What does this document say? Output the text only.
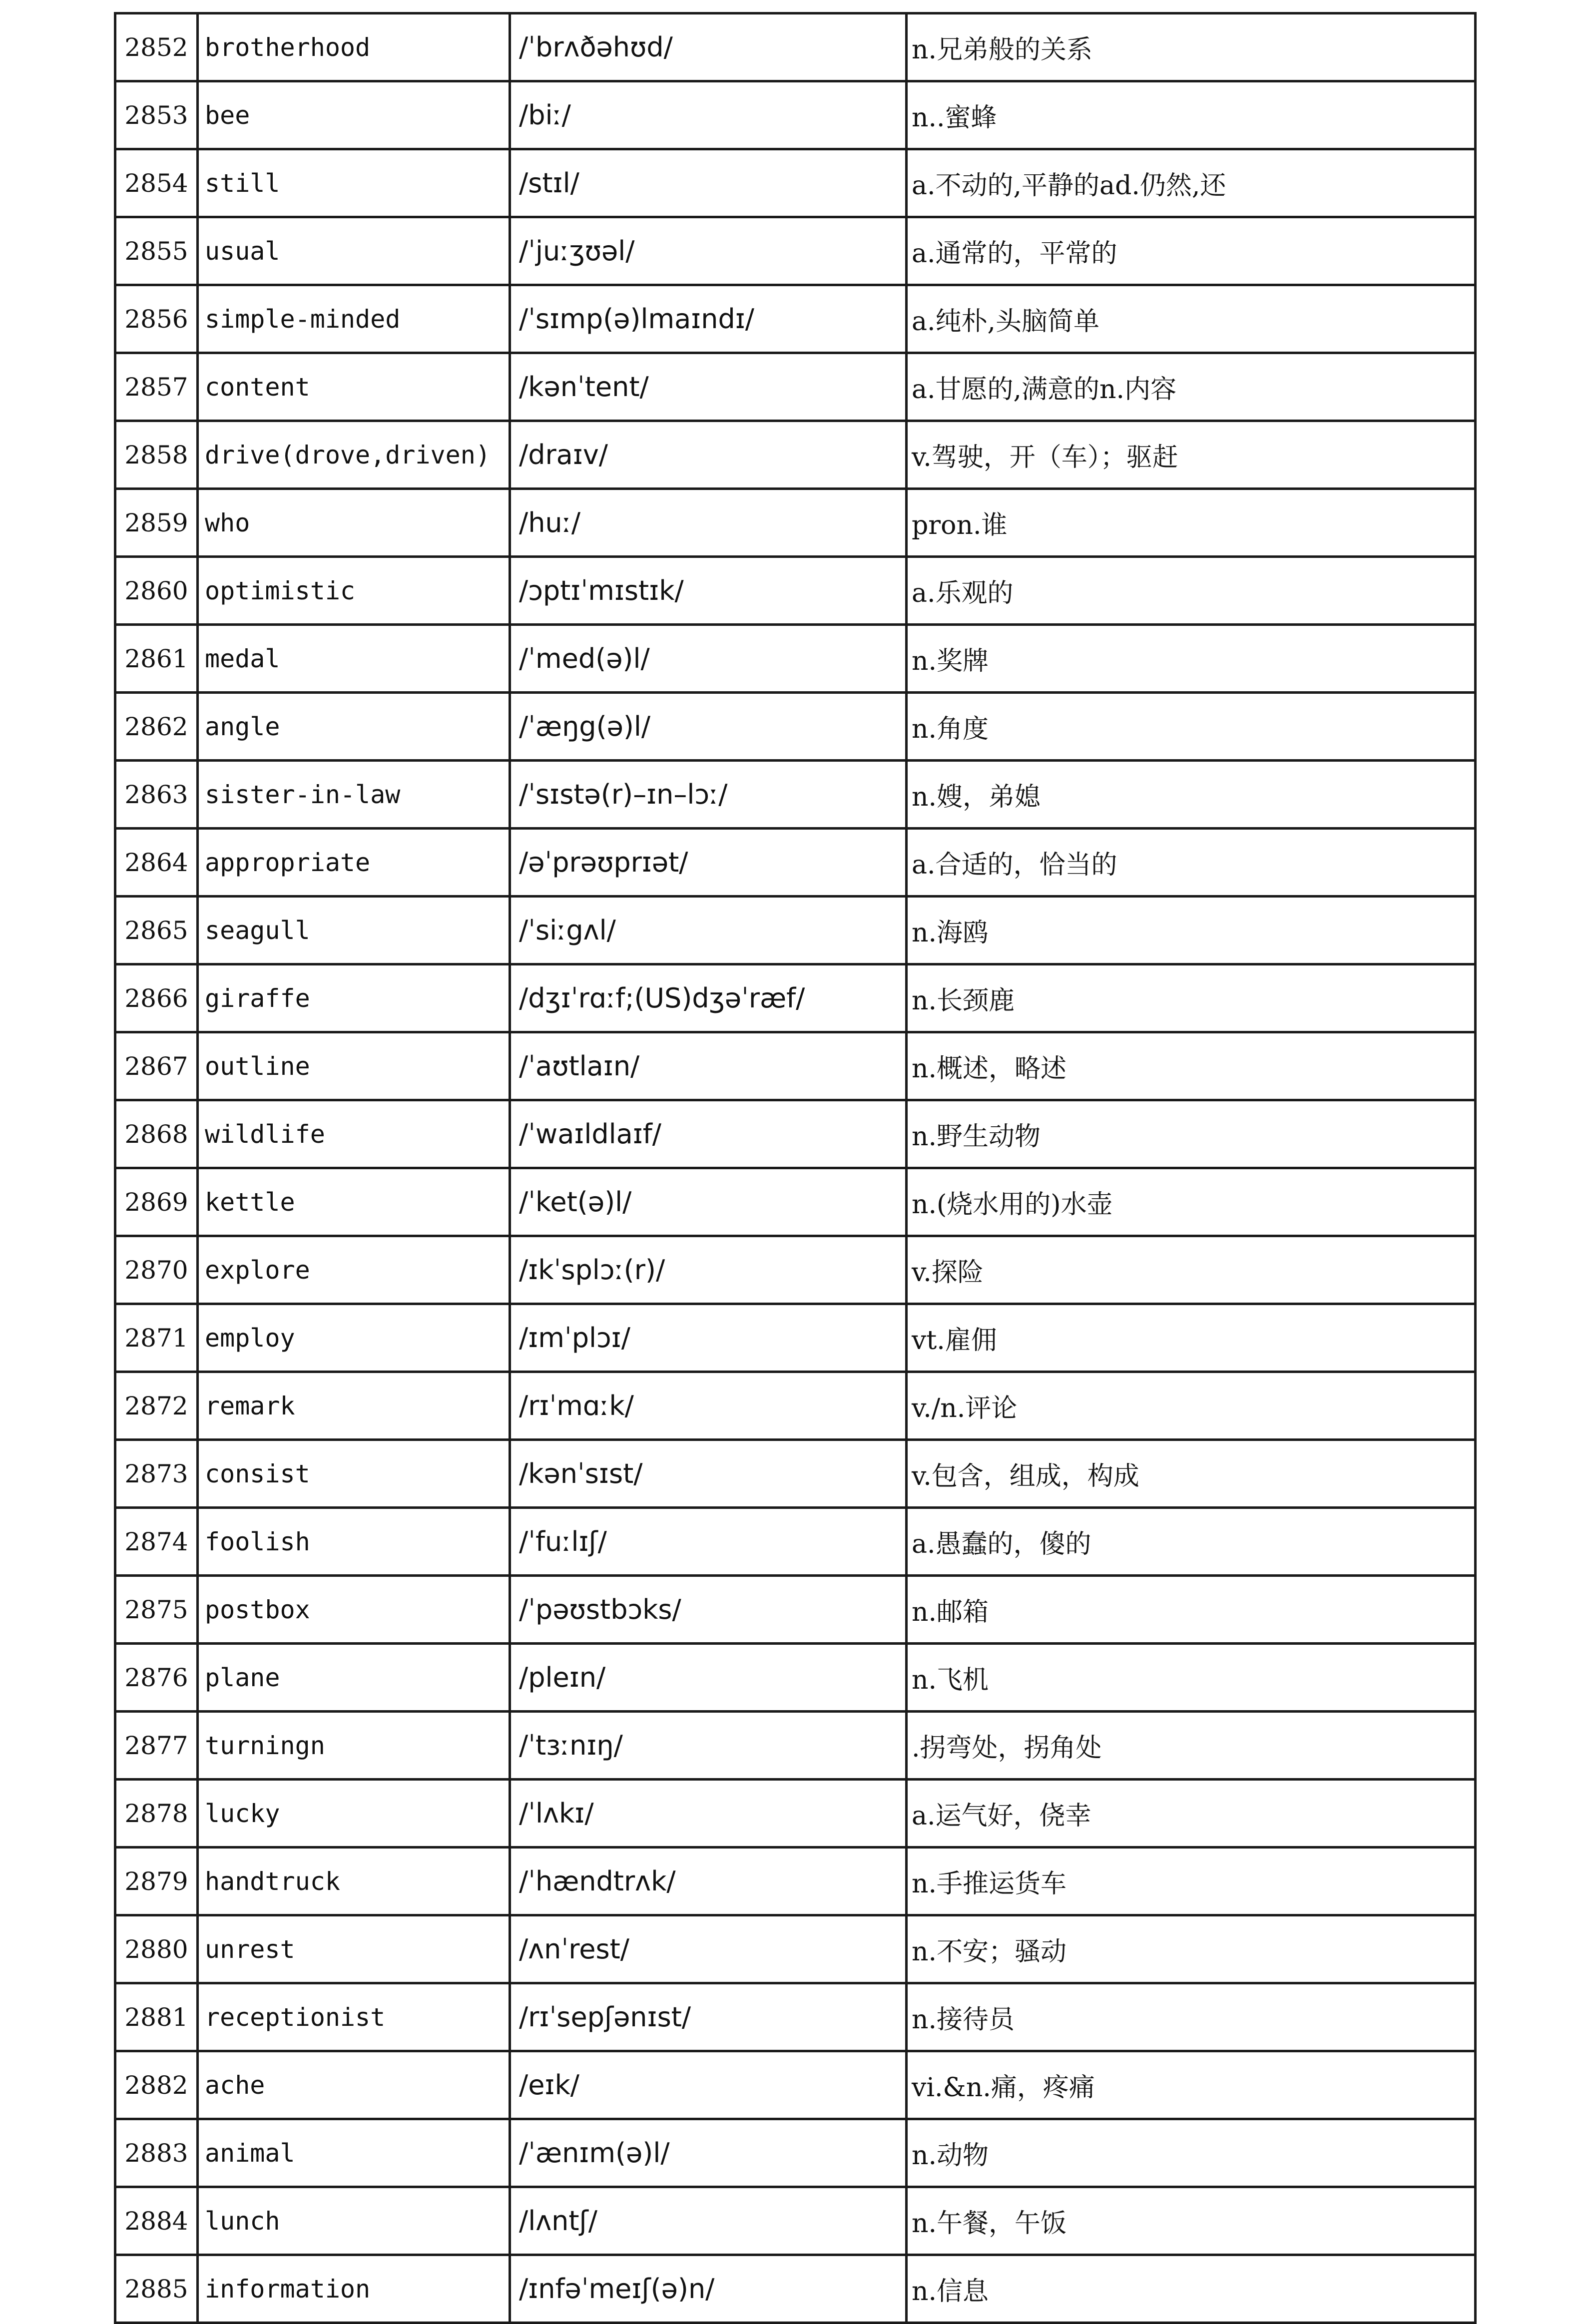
2852	brotherhood	/ˈbrʌðəhʊd/	n.兄弟般的关系
2853	bee	/biː/	n..蜜蜂
2854	still	/stɪl/	a.不动的,平静的ad.仍然,还
2855	usual	/ˈjuːʒʊəl/	a.通常的，平常的
2856	simple-minded	/ˈsɪmp(ə)lmaɪndɪ/	a.纯朴,头脑简单
2857	content	/kənˈtent/	a.甘愿的,满意的n.内容
2858	drive(drove,driven)	/draɪv/	v.驾驶，开（车）；驱赶
2859	who	/huː/	pron.谁
2860	optimistic	/ɔptɪˈmɪstɪk/	a.乐观的
2861	medal	/ˈmed(ə)l/	n.奖牌
2862	angle	/ˈæŋg(ə)l/	n.角度
2863	sister-in-law	/ˈsɪstə(r)–ɪn–lɔː/	n.嫂，弟媳
2864	appropriate	/əˈprəʊprɪət/	a.合适的，恰当的
2865	seagull	/ˈsiːgʌl/	n.海鸥
2866	giraffe	/dʒɪˈrɑːf;(US)dʒəˈræf/	n.长颈鹿
2867	outline	/ˈaʊtlaɪn/	n.概述，略述
2868	wildlife	/ˈwaɪldlaɪf/	n.野生动物
2869	kettle	/ˈket(ə)l/	n.(烧水用的)水壶
2870	explore	/ɪkˈsplɔː(r)/	v.探险
2871	employ	/ɪmˈplɔɪ/	vt.雇佣
2872	remark	/rɪˈmɑːk/	v./n.评论
2873	consist	/kənˈsɪst/	v.包含，组成，构成
2874	foolish	/ˈfuːlɪʃ/	a.愚蠢的，傻的
2875	postbox	/ˈpəʊstbɔks/	n.邮箱
2876	plane	/pleɪn/	n.飞机
2877	turningn	/ˈtɜːnɪŋ/	.拐弯处，拐角处
2878	lucky	/ˈlʌkɪ/	a.运气好，侥幸
2879	handtruck	/ˈhændtrʌk/	n.手推运货车
2880	unrest	/ʌnˈrest/	n.不安；骚动
2881	receptionist	/rɪˈsepʃənɪst/	n.接待员
2882	ache	/eɪk/	vi.&n.痛，疼痛
2883	animal	/ˈænɪm(ə)l/	n.动物
2884	lunch	/lʌntʃ/	n.午餐，午饭
2885	information	/ɪnfəˈmeɪʃ(ə)n/	n.信息
